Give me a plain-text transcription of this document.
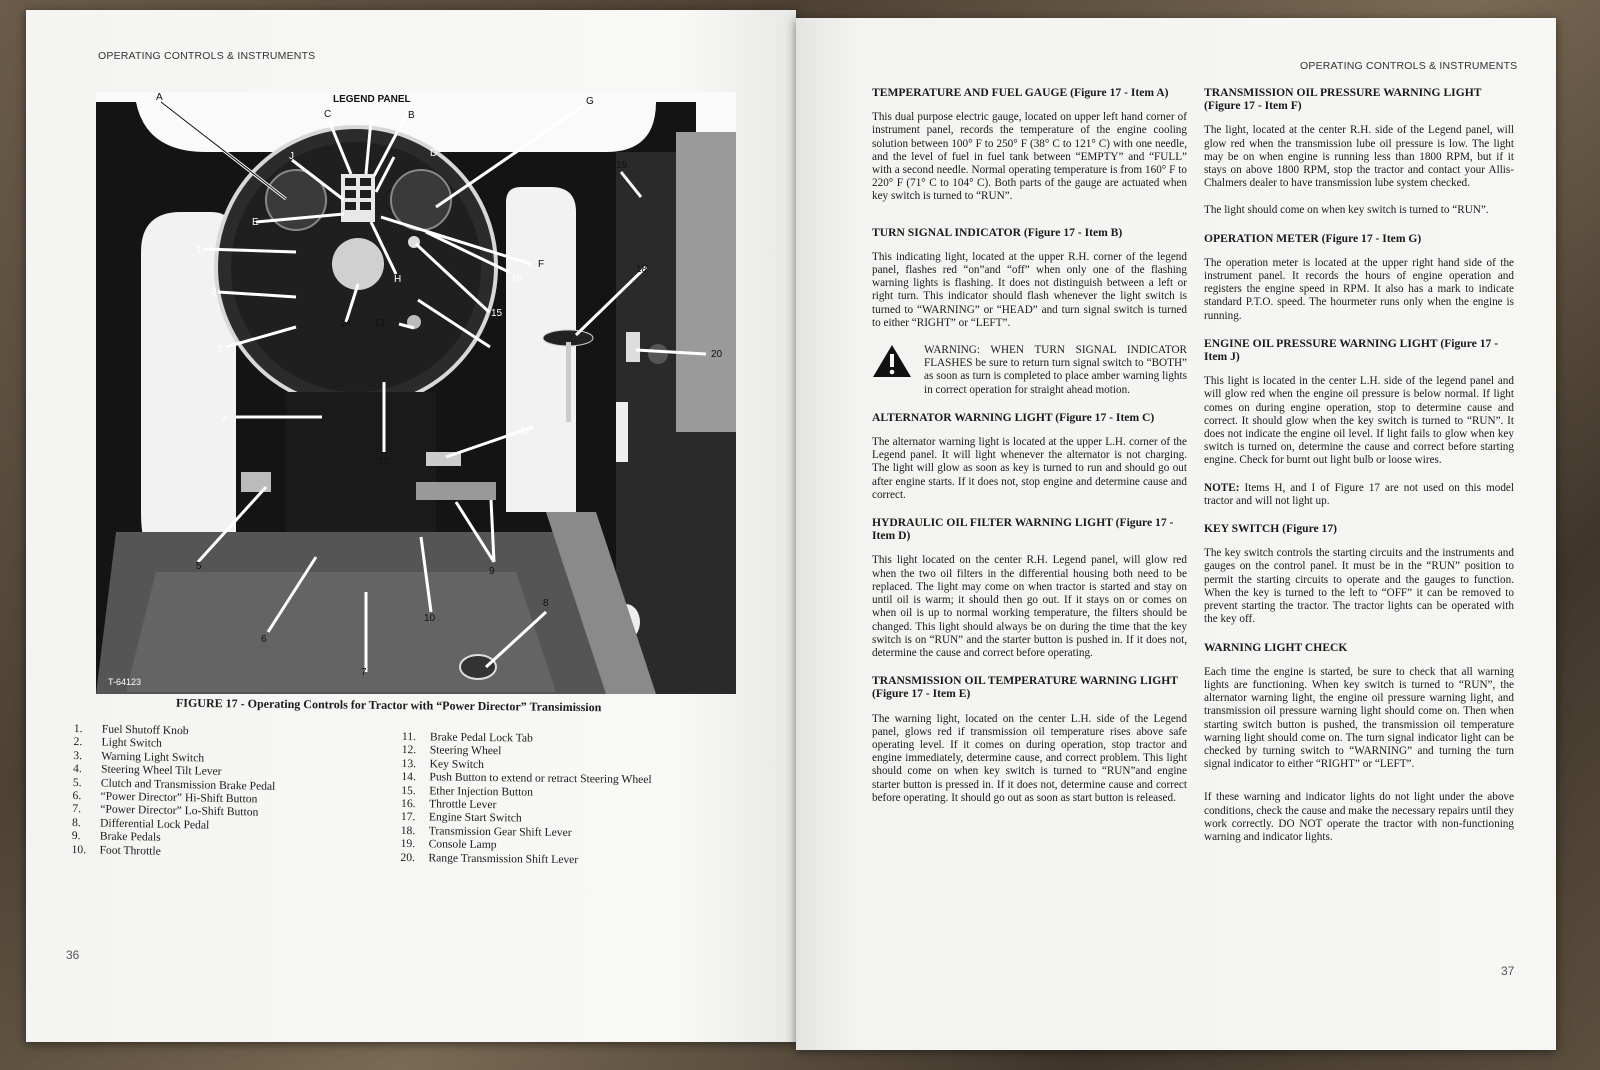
OPERATING CONTROLS & INSTRUMENTS
LEGEND PANEL
A
B
C
D
E
F
G
H
J
1
2
3
4
5
6
7
8
9
10
11
12
13
14
15
16
17
18
19
20
T-64123
FIGURE 17 - Operating Controls for Tractor with “Power Director” Transimission
1.	Fuel Shutoff Knob
2.	Light Switch
3.	Warning Light Switch
4.	Steering Wheel Tilt Lever
5.	Clutch and Transmission Brake Pedal
6.	“Power Director” Hi-Shift Button
7.	“Power Director” Lo-Shift Button
8.	Differential Lock Pedal
9.	Brake Pedals
10.	Foot Throttle
11.	Brake Pedal Lock Tab
12.	Steering Wheel
13.	Key Switch
14.	Push Button to extend or retract Steering Wheel
15.	Ether Injection Button
16.	Throttle Lever
17.	Engine Start Switch
18.	Transmission Gear Shift Lever
19.	Console Lamp
20.	Range Transmission Shift Lever
36
OPERATING CONTROLS & INSTRUMENTS
TEMPERATURE AND FUEL GAUGE (Figure 17 - Item A)

This dual purpose electric gauge, located on upper left hand corner of instrument panel, records the temperature of the engine cooling solution between 100° F to 250° F (38° C to 121° C) with one needle, and the level of fuel in fuel tank between “EMPTY” and “FULL” with a second needle. Normal operating temperature is from 160° F to 220° F (71° C to 104° C). Both parts of the gauge are actuated when key switch is turned to “RUN”.

TURN SIGNAL INDICATOR (Figure 17 - Item B)

This indicating light, located at the upper R.H. corner of the legend panel, flashes red “on”and “off” when only one of the flashing warning lights is flashing. It does not distinguish between a left or right turn. This indicator should flash whenever the light switch is turned to “WARNING” or “HEAD” and turn signal switch is turned to either “RIGHT” or “LEFT”.

WARNING: WHEN TURN SIGNAL INDICATOR FLASHES be sure to return turn signal switch to “BOTH” as soon as turn is completed to place amber warning lights in correct operation for straight ahead motion.
ALTERNATOR WARNING LIGHT (Figure 17 - Item C)

The alternator warning light is located at the upper L.H. corner of the Legend panel. It will light whenever the alternator is not charging. The light will glow as soon as key is turned to run and should go out after engine starts. If it does not, stop engine and determine cause and correct.

HYDRAULIC OIL FILTER WARNING LIGHT (Figure 17 - Item D)

This light located on the center R.H. Legend panel, will glow red when the two oil filters in the differential housing both need to be replaced. The light may come on when tractor is started and stay on until oil is warm; it should then go out. If it stays on or comes on when oil is up to normal working temperature, the filters should be changed. This light should always be on during the time that the key switch is on “RUN” and the starter button is pushed in. If it does not, determine the cause and correct before operating.

TRANSMISSION OIL TEMPERATURE WARNING LIGHT (Figure 17 - Item E)

The warning light, located on the center L.H. side of the Legend panel, glows red if transmission oil temperature rises above safe operating level. If it comes on during operation, stop tractor and engine immediately, determine cause, and correct problem. This light should come on when key switch is turned to “RUN”and engine starter button is pressed in. If it does not, determine cause and correct before operating. It should go out as soon as start button is released.

TRANSMISSION OIL PRESSURE WARNING LIGHT (Figure 17 - Item F)

The light, located at the center R.H. side of the Legend panel, will glow red when the transmission lube oil pressure is low. The light may be on when engine is running less than 1800 RPM, but if it stays on above 1800 RPM, stop the tractor and contact your Allis-Chalmers dealer to have transmission lube system checked.

The light should come on when key switch is turned to “RUN”.

OPERATION METER (Figure 17 - Item G)

The operation meter is located at the upper right hand side of the instrument panel. It records the hours of engine operation and registers the engine speed in RPM. It also has a mark to indicate standard P.T.O. speed. The hourmeter runs only when the engine is running.

ENGINE OIL PRESSURE WARNING LIGHT (Figure 17 - Item J)

This light is located in the center L.H. side of the legend panel and will glow red when the engine oil pressure is below normal. If light comes on during engine operation, stop to determine cause and correct. It should glow when the key switch is turned to “RUN”. It does not indicate the engine oil level. If light fails to glow when key switch is turned on, determine the cause and correct before starting engine. Check for burnt out light bulb or loose wires.

NOTE: Items H, and I of Figure 17 are not used on this model tractor and will not light up.

KEY SWITCH (Figure 17)

The key switch controls the starting circuits and the instruments and gauges on the control panel. It must be in the “RUN” position to permit the starting circuits to operate and the gauges to function. When the key is turned to the left to “OFF” it can be removed to prevent starting the tractor. The tractor lights can be operated with the key off.

WARNING LIGHT CHECK

Each time the engine is started, be sure to check that all warning lights are functioning. When key switch is turned to “RUN”, the alternator warning light, the engine oil pressure warning light, and transmission oil pressure warning light should come on. Then when starting switch button is pushed, the transmission oil temperature warning light should come on. The turn signal indicator light can be checked by turning switch to “WARNING” and turning the turn signal indicator to either “RIGHT” or “LEFT”.

If these warning and indicator lights do not light under the above conditions, check the cause and make the necessary repairs until they work correctly. DO NOT operate the tractor with non-functioning warning and indicator lights.

37
